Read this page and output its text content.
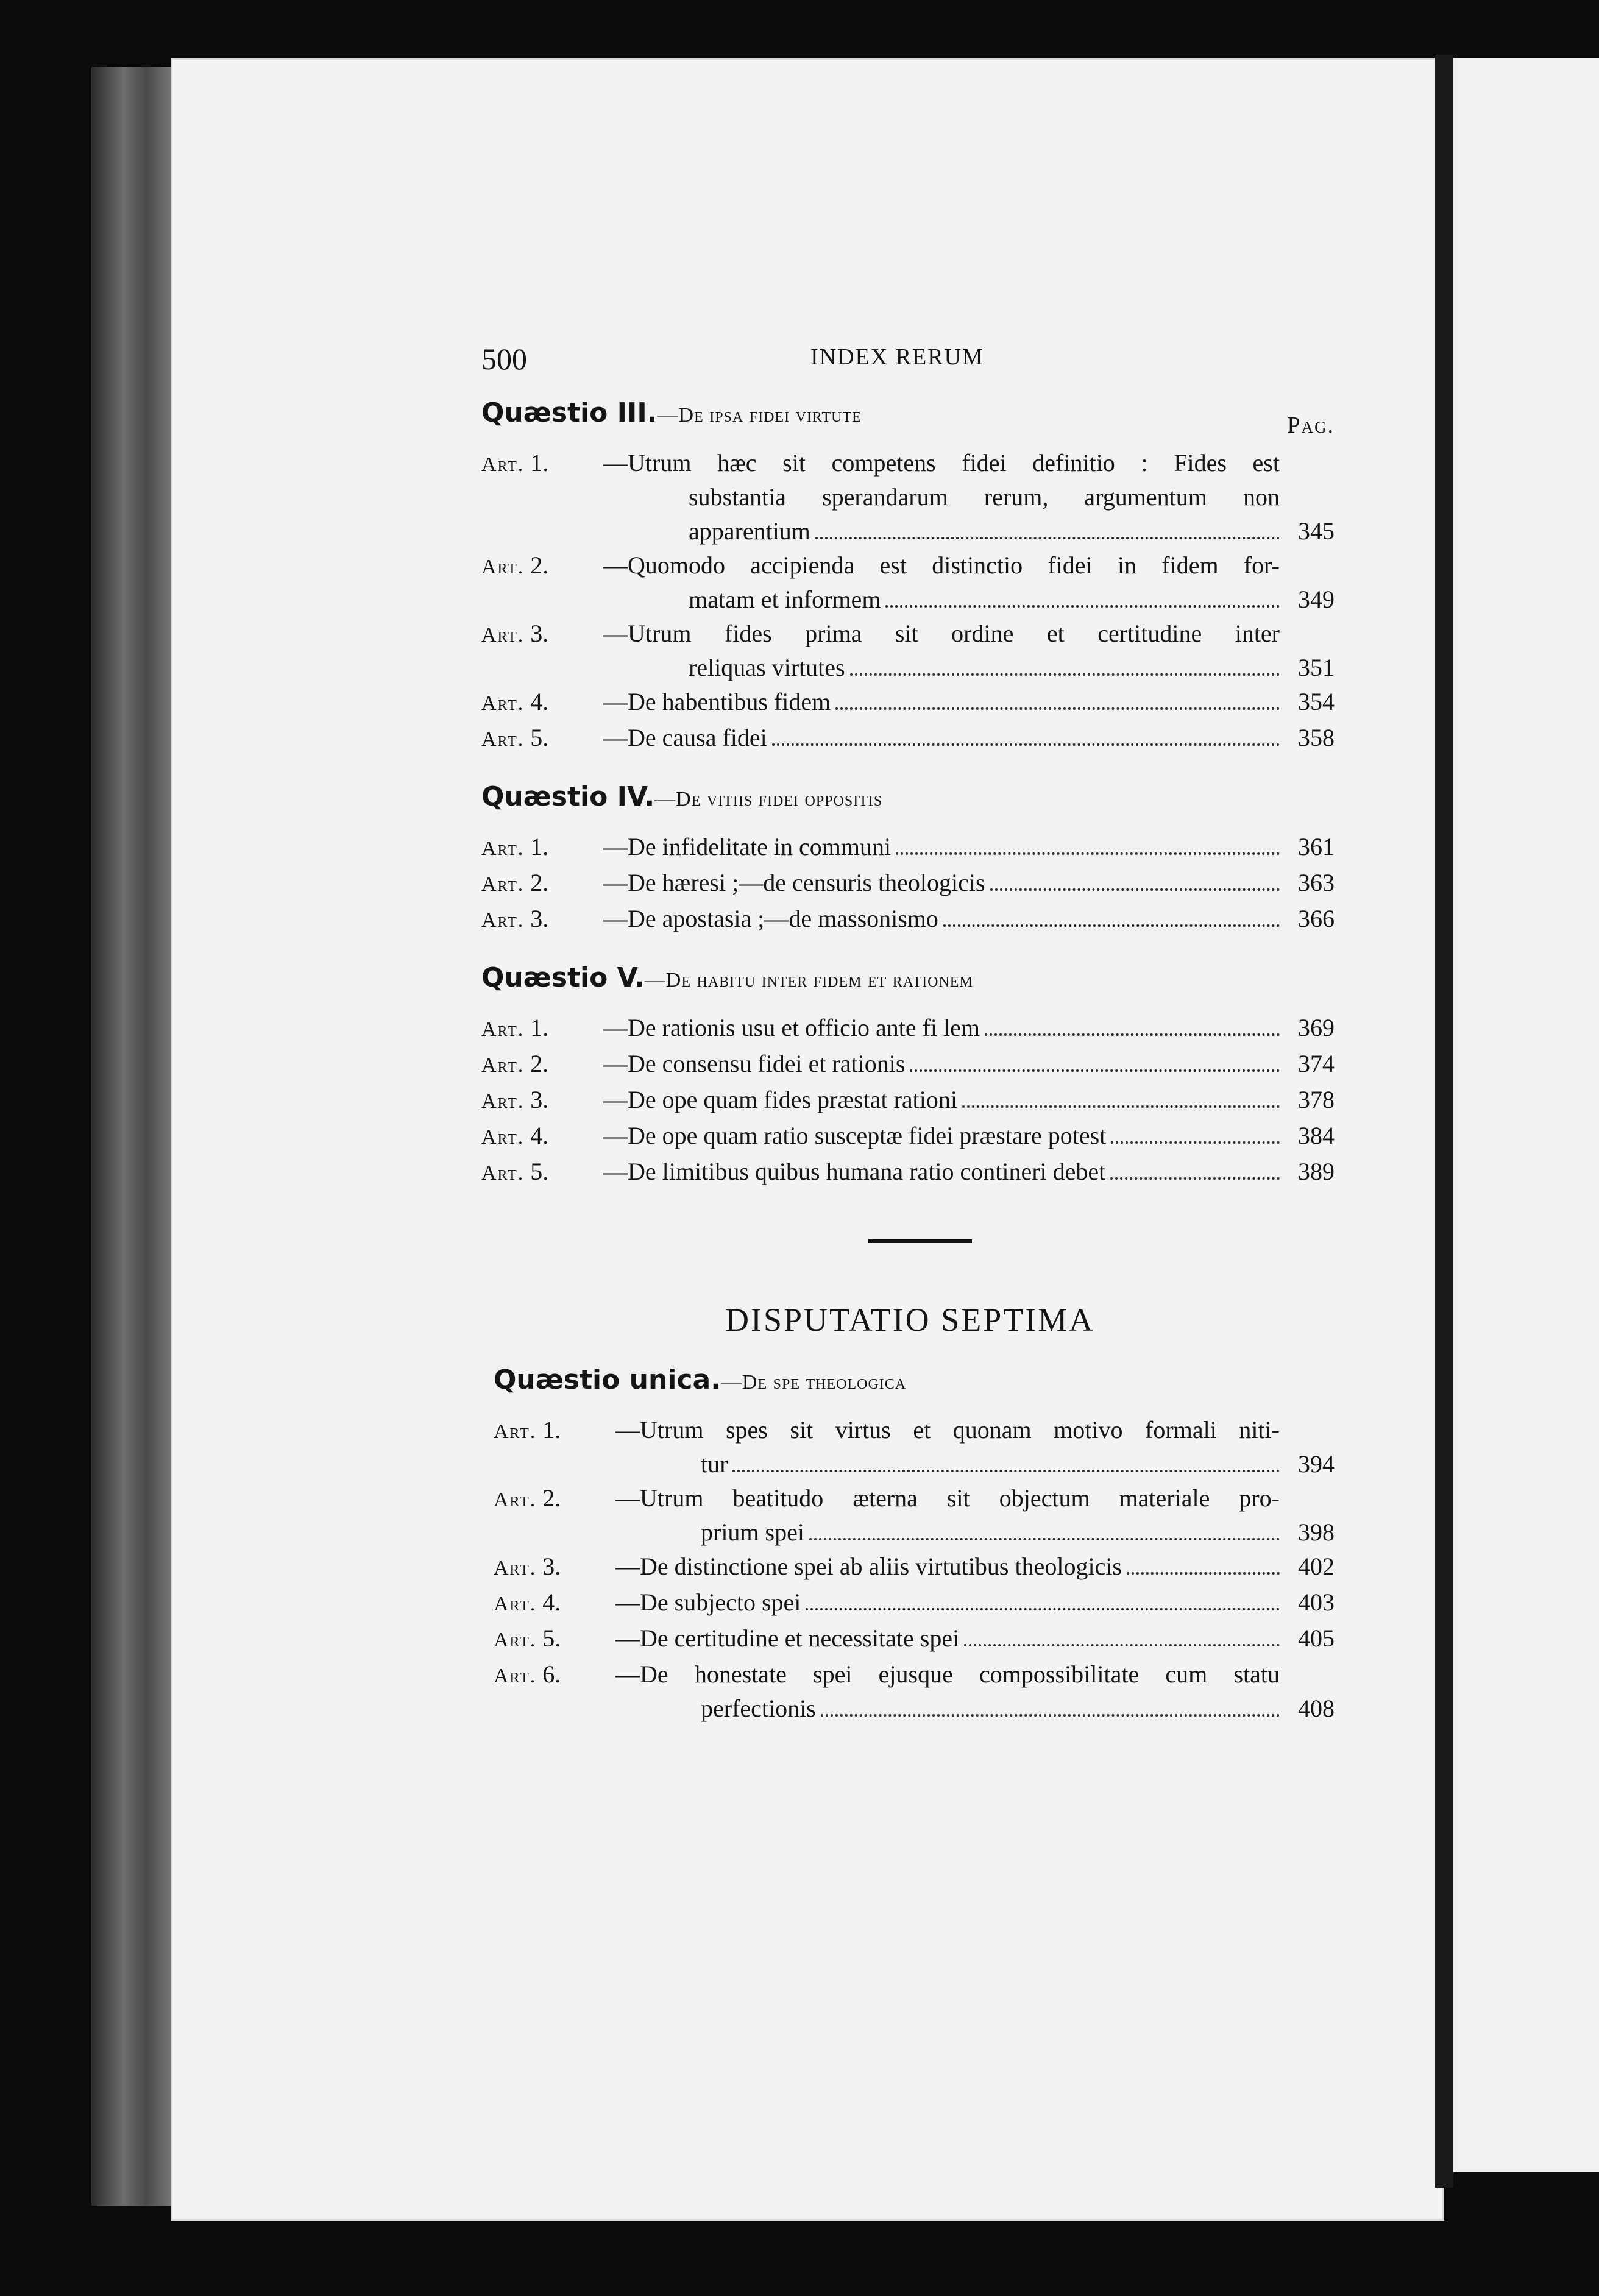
500	INDEX RERUM
Quæstio III.—De ipsa fidei virtute	Pag.
Art. 1.	—Utrum hæc sit competens fidei definitio : Fides est
substantia sperandarum rerum, argumentum non
apparentium	345
Art. 2.	—Quomodo accipienda est distinctio fidei in fidem for-
matam et informem	349
Art. 3.	—Utrum fides prima sit ordine et certitudine inter
reliquas virtutes	351
Art. 4.	—De habentibus fidem	354
Art. 5.	—De causa fidei	358
Quæstio IV.—De vitiis fidei oppositis
Art. 1.	—De infidelitate in communi	361
Art. 2.	—De hæresi ;—de censuris theologicis	363
Art. 3.	—De apostasia ;—de massonismo	366
Quæstio V.—De habitu inter fidem et rationem
Art. 1.	—De rationis usu et officio ante fi lem	369
Art. 2.	—De consensu fidei et rationis	374
Art. 3.	—De ope quam fides præstat rationi	378
Art. 4.	—De ope quam ratio susceptæ fidei præstare potest	384
Art. 5.	—De limitibus quibus humana ratio contineri debet	389
DISPUTATIO SEPTIMA
Quæstio unica.—De spe theologica
Art. 1.	—Utrum spes sit virtus et quonam motivo formali niti-
tur	394
Art. 2.	—Utrum beatitudo æterna sit objectum materiale pro-
prium spei	398
Art. 3.	—De distinctione spei ab aliis virtutibus theologicis	402
Art. 4.	—De subjecto spei	403
Art. 5.	—De certitudine et necessitate spei	405
Art. 6.	—De honestate spei ejusque compossibilitate cum statu
perfectionis	408
